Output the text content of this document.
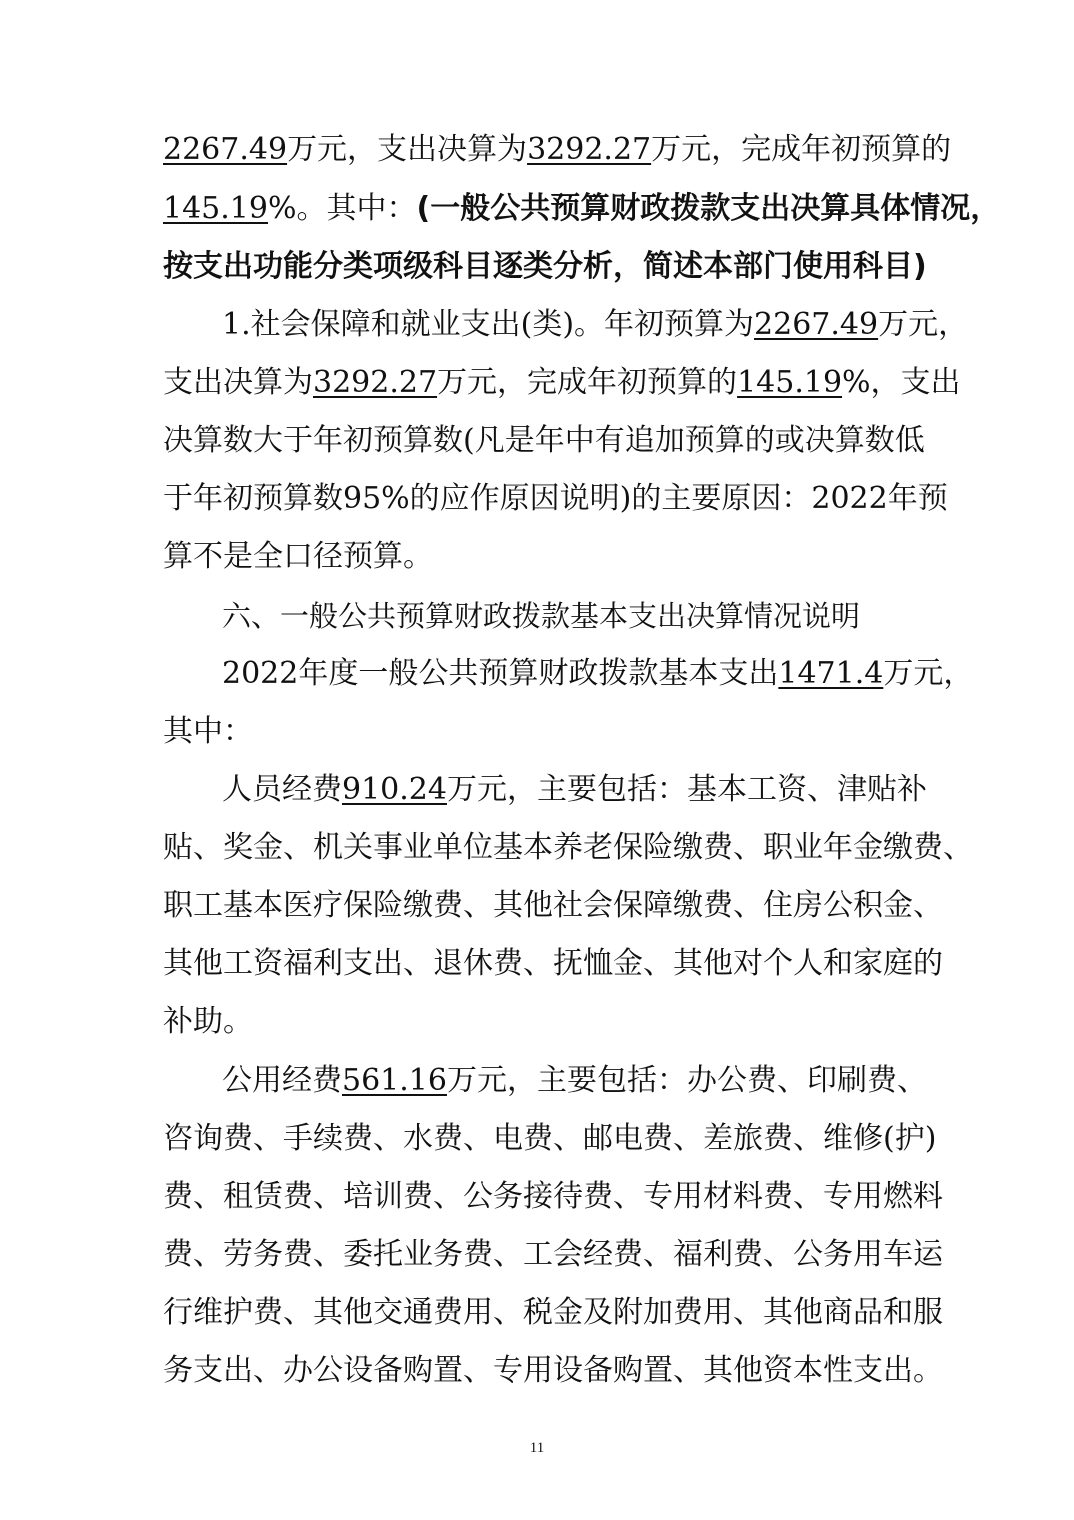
2267.49万元，支出决算为3292.27万元，完成年初预算的
145.19%。其中：(一般公共预算财政拨款支出决算具体情况，
按支出功能分类项级科目逐类分析，简述本部门使用科目)
1.社会保障和就业支出(类)。年初预算为2267.49万元，
支出决算为3292.27万元，完成年初预算的145.19%，支出
决算数大于年初预算数(凡是年中有追加预算的或决算数低
于年初预算数95%的应作原因说明)的主要原因：2022年预
算不是全口径预算。
六、一般公共预算财政拨款基本支出决算情况说明
2022年度一般公共预算财政拨款基本支出1471.4万元，
其中：
人员经费910.24万元，主要包括：基本工资、津贴补
贴、奖金、机关事业单位基本养老保险缴费、职业年金缴费、
职工基本医疗保险缴费、其他社会保障缴费、住房公积金、
其他工资福利支出、退休费、抚恤金、其他对个人和家庭的
补助。
公用经费561.16万元，主要包括：办公费、印刷费、
咨询费、手续费、水费、电费、邮电费、差旅费、维修(护)
费、租赁费、培训费、公务接待费、专用材料费、专用燃料
费、劳务费、委托业务费、工会经费、福利费、公务用车运
行维护费、其他交通费用、税金及附加费用、其他商品和服
务支出、办公设备购置、专用设备购置、其他资本性支出。
11
